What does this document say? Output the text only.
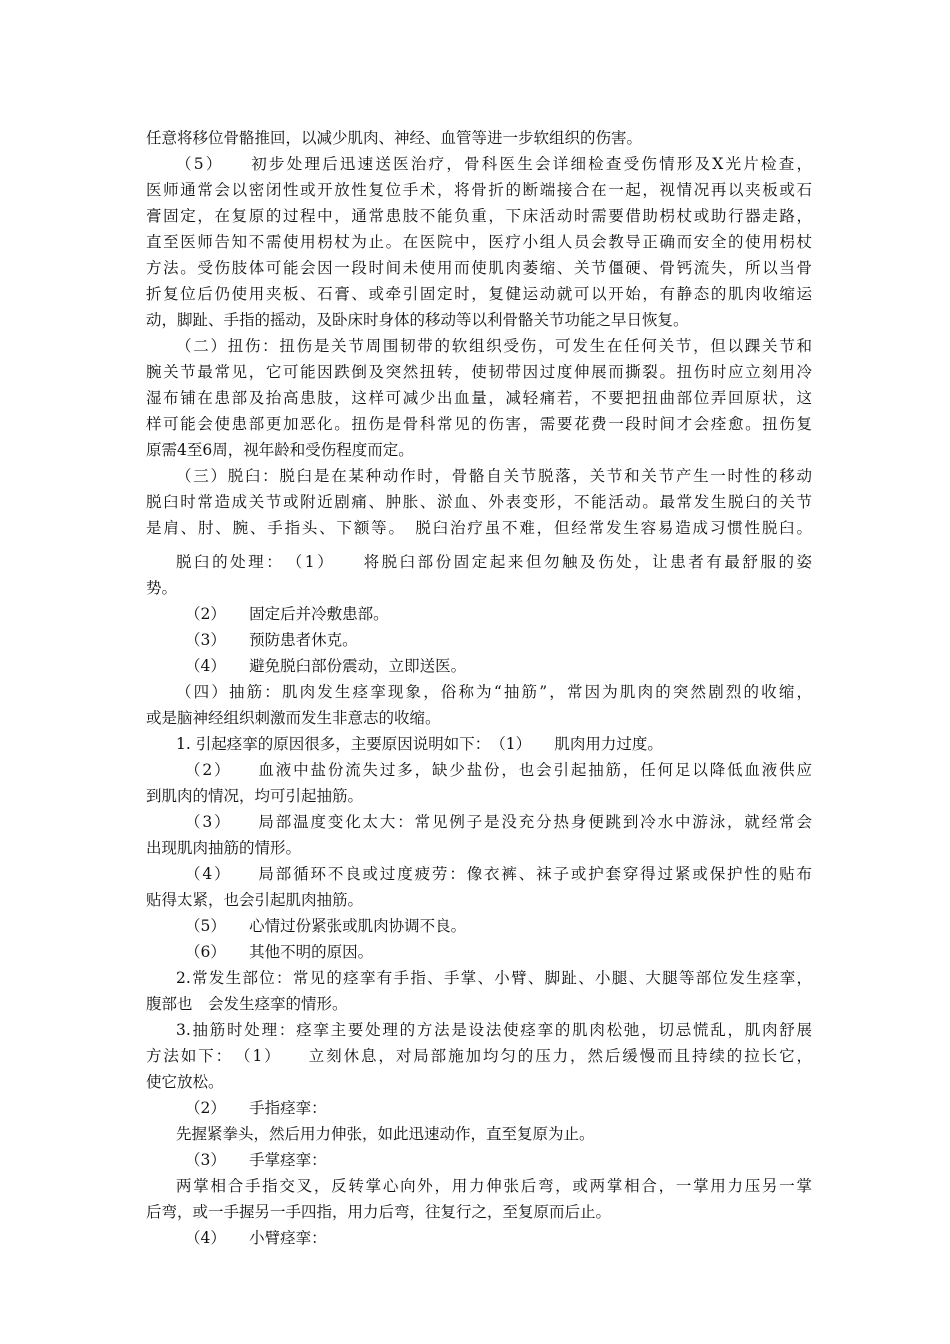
任意将移位骨骼推回，以减少肌肉、神经、血管等进一步软组织的伤害。
（5）　　初步处理后迅速送医治疗，骨科医生会详细检查受伤情形及X光片检查，
医师通常会以密闭性或开放性复位手术，将骨折的断端接合在一起，视情况再以夹板或石
膏固定，在复原的过程中，通常患肢不能负重，下床活动时需要借助枴杖或助行器走路，
直至医师告知不需使用枴杖为止。在医院中，医疗小组人员会教导正确而安全的使用枴杖
方法。受伤肢体可能会因一段时间未使用而使肌肉萎缩、关节僵硬、骨钙流失，所以当骨
折复位后仍使用夹板、石膏、或牵引固定时，复健运动就可以开始，有静态的肌肉收缩运
动，脚趾、手指的摇动，及卧床时身体的移动等以利骨骼关节功能之早日恢复。
（二）扭伤：扭伤是关节周围韧带的软组织受伤，可发生在任何关节，但以踝关节和
腕关节最常见，它可能因跌倒及突然扭转，使韧带因过度伸展而撕裂。扭伤时应立刻用冷
湿布铺在患部及抬高患肢，这样可减少出血量，减轻痛若，不要把扭曲部位弄回原状，这
样可能会使患部更加恶化。扭伤是骨科常见的伤害，需要花费一段时间才会痊愈。扭伤复
原需4至6周，视年龄和受伤程度而定。
（三）脱臼：脱臼是在某种动作时，骨骼自关节脱落，关节和关节产生一时性的移动
脱臼时常造成关节或附近剧痛、肿胀、淤血、外表变形，不能活动。最常发生脱臼的关节
是肩、肘、腕、手指头、下额等。　脱臼治疗虽不难，但经常发生容易造成习惯性脱臼。
脱臼的处理：　（1）　　将脱臼部份固定起来但勿触及伤处，让患者有最舒服的姿
势。
（2）　　固定后并冷敷患部。
（3）　　预防患者休克。
（4）　　避免脱臼部份震动，立即送医。
（四）抽筋：肌肉发生痉挛现象，俗称为“抽筋”，常因为肌肉的突然剧烈的收缩，
或是脑神经组织刺激而发生非意志的收缩。
1. 引起痉挛的原因很多，主要原因说明如下：　（1）　　肌肉用力过度。
（2）　　血液中盐份流失过多，缺少盐份，也会引起抽筋，任何足以降低血液供应
到肌肉的情况，均可引起抽筋。
（3）　　局部温度变化太大：常见例子是没充分热身便跳到冷水中游泳，就经常会
出现肌肉抽筋的情形。
（4）　　局部循环不良或过度疲劳：像衣裤、袜子或护套穿得过紧或保护性的贴布
贴得太紧，也会引起肌肉抽筋。
（5）　　心情过份紧张或肌肉协调不良。
（6）　　其他不明的原因。
2.常发生部位：常见的痉挛有手指、手掌、小臂、脚趾、小腿、大腿等部位发生痉挛，
腹部也　会发生痉挛的情形。
3.抽筋时处理：痉挛主要处理的方法是设法使痉挛的肌肉松弛，切忌慌乱，肌肉舒展
方法如下：　（1）　　立刻休息，对局部施加均匀的压力，然后缓慢而且持续的拉长它，
使它放松。
（2）　　手指痉挛：
先握紧拳头，然后用力伸张，如此迅速动作，直至复原为止。
（3）　　手掌痉挛：
两掌相合手指交叉，反转掌心向外，用力伸张后弯，或两掌相合，一掌用力压另一掌
后弯，或一手握另一手四指，用力后弯，往复行之，至复原而后止。
（4）　　小臂痉挛：
